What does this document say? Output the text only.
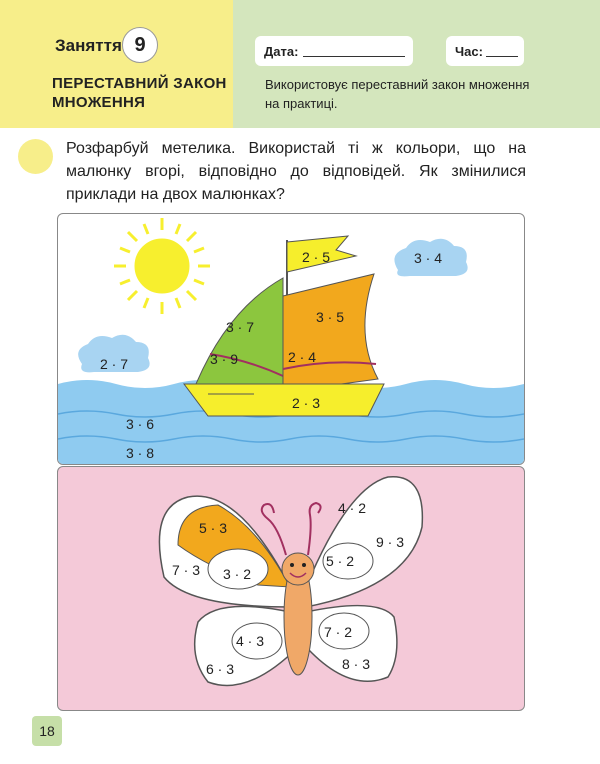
Заняття 9
ПЕРЕСТАВНИЙ ЗАКОН МНОЖЕННЯ
Дата:	Час:
Використовує переставний закон множення на практиці.
Розфарбуй метелика. Використай ті ж кольори, що на малюнку вгорі, відповідно до відповідей. Як змінилися приклади на двох малюнках?
2 · 5	3 · 4
2 · 7
3 · 7
3 · 9
3 · 5
2 · 4
2 · 3
3 · 6
3 · 8
5 · 3
7 · 3 3 · 2
4 · 2
5 · 2
9 · 3
4 · 3
6 · 3
7 · 2
8 · 3
18
